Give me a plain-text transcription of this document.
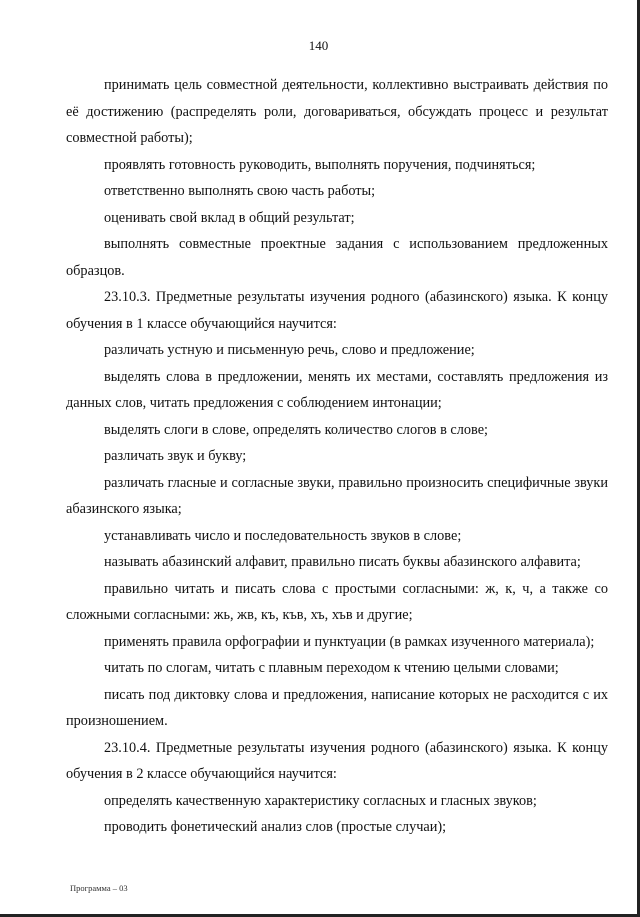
140

принимать цель совместной деятельности, коллективно выстраивать действия по её достижению (распределять роли, договариваться, обсуждать процесс и результат совместной работы);

проявлять готовность руководить, выполнять поручения, подчиняться;

ответственно выполнять свою часть работы;

оценивать свой вклад в общий результат;

выполнять совместные проектные задания с использованием предложенных образцов.

23.10.3. Предметные результаты изучения родного (абазинского) языка. К концу обучения в 1 классе обучающийся научится:

различать устную и письменную речь, слово и предложение;

выделять слова в предложении, менять их местами, составлять предложения из данных слов, читать предложения с соблюдением интонации;

выделять слоги в слове, определять количество слогов в слове;

различать звук и букву;

различать гласные и согласные звуки, правильно произносить специфичные звуки абазинского языка;

устанавливать число и последовательность звуков в слове;

называть абазинский алфавит, правильно писать буквы абазинского алфавита;

правильно читать и писать слова с простыми согласными: ж, к, ч, а также со сложными согласными: жь, жв, къ, къв, хъ, хъв и другие;

применять правила орфографии и пунктуации (в рамках изученного материала);

читать по слогам, читать с плавным переходом к чтению целыми словами;

писать под диктовку слова и предложения, написание которых не расходится с их произношением.

23.10.4. Предметные результаты изучения родного (абазинского) языка. К концу обучения в 2 классе обучающийся научится:

определять качественную характеристику согласных и гласных звуков;

проводить фонетический анализ слов (простые случаи);

Программа – 03
